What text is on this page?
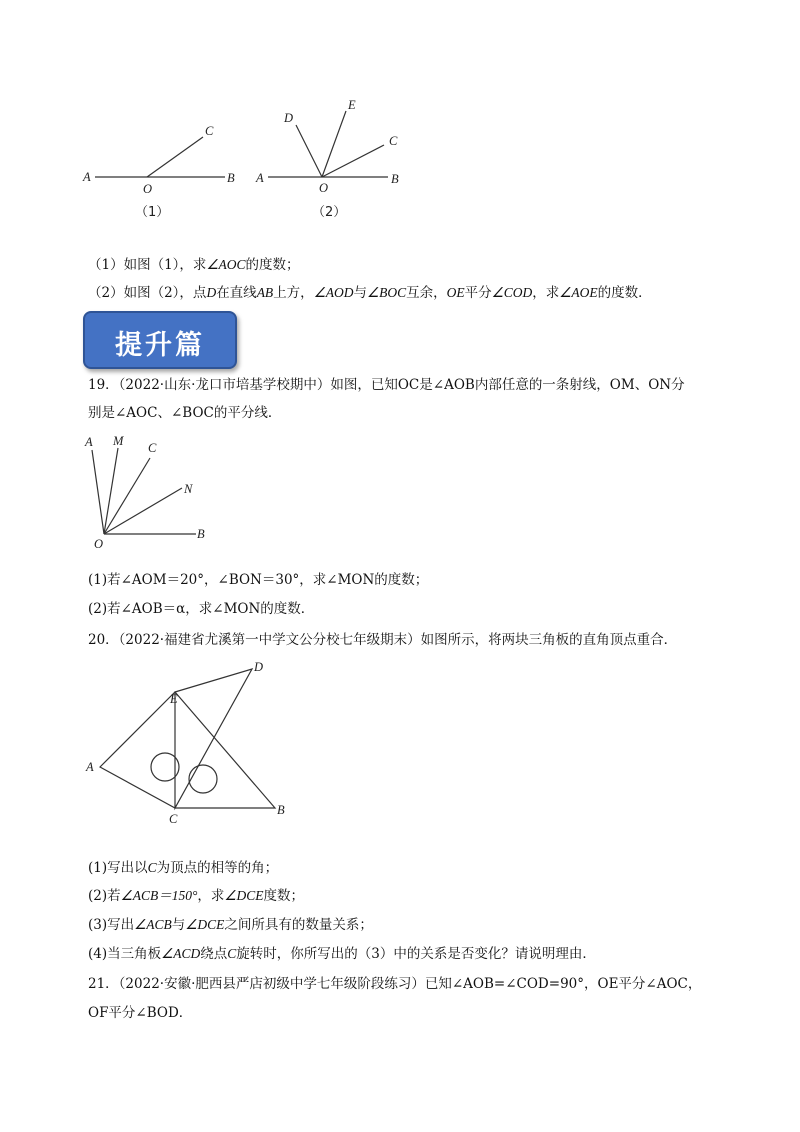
A
O
B
C
（1）
A
O
B
C
D
E
（2）
（1）如图（1），求∠AOC的度数；
（2）如图（2），点D在直线AB上方，∠AOD与∠BOC互余，OE平分∠COD，求∠AOE的度数．
提升篇
19．（2022·山东·龙口市培基学校期中）如图，已知OC是∠AOB内部任意的一条射线，OM、ON分
别是∠AOC、∠BOC的平分线．
A M C
N
O
B
(1)若∠AOM＝20°，∠BON＝30°，求∠MON的度数；
(2)若∠AOB＝α，求∠MON的度数．
20．（2022·福建省尤溪第一中学文公分校七年级期末）如图所示，将两块三角板的直角顶点重合．
A
E
D
C
B
(1)写出以C为顶点的相等的角；
(2)若∠ACB＝150°，求∠DCE度数；
(3)写出∠ACB与∠DCE之间所具有的数量关系；
(4)当三角板∠ACD绕点C旋转时，你所写出的（3）中的关系是否变化？请说明理由．
21．（2022·安徽·肥西县严店初级中学七年级阶段练习）已知∠AOB=∠COD=90°，OE平分∠AOC，
OF平分∠BOD．
